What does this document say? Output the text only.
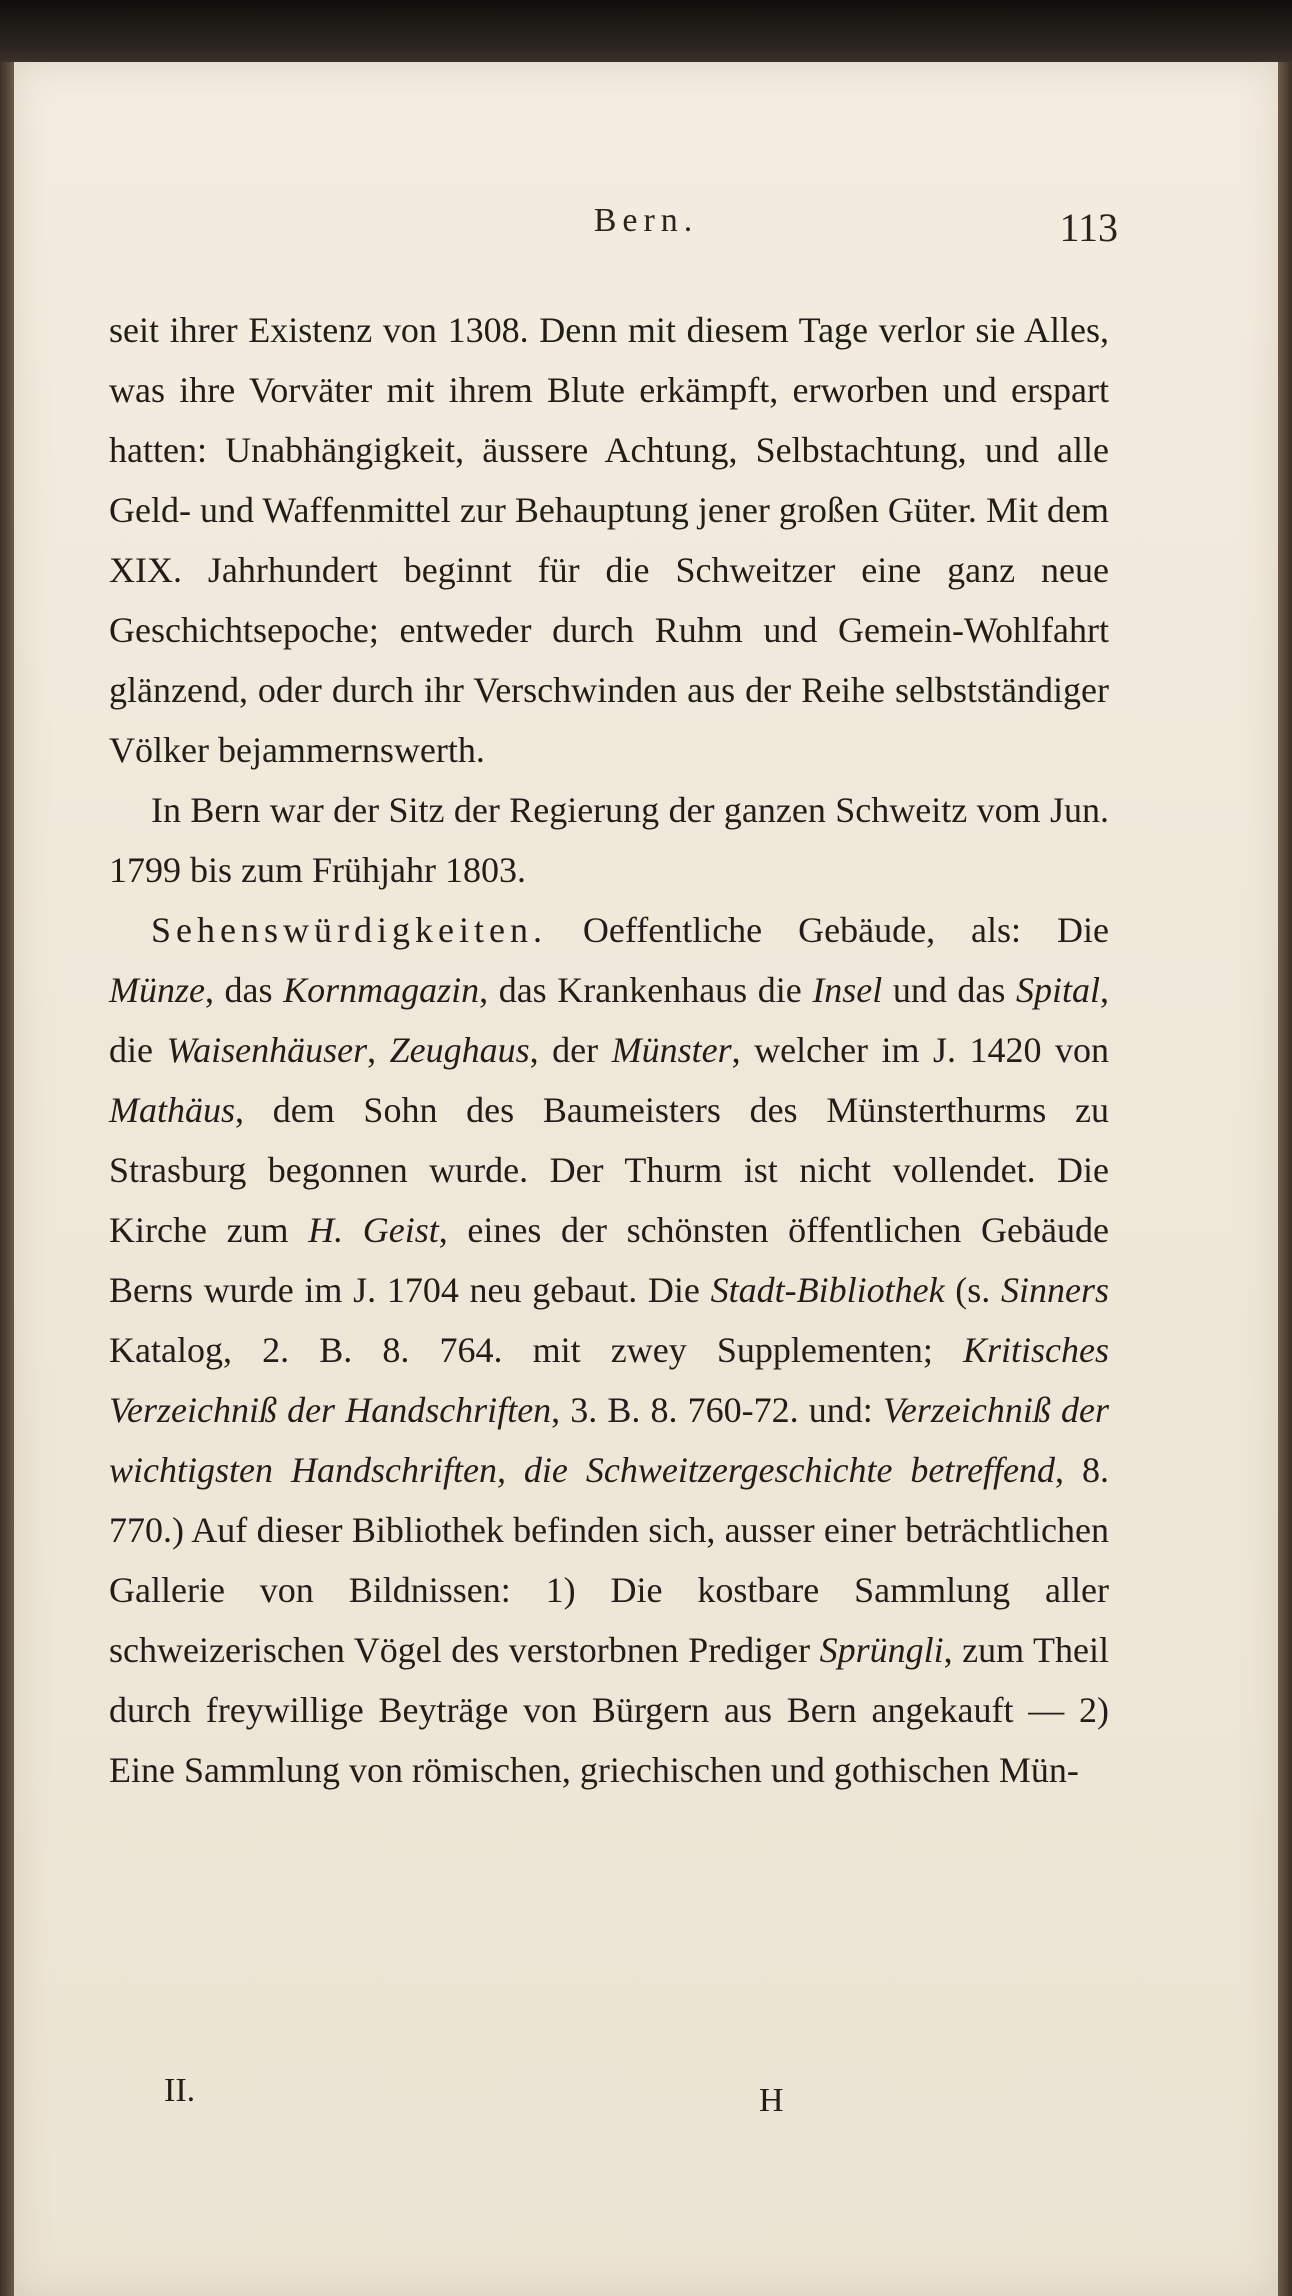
Bern.	113

seit ihrer Existenz von 1308. Denn mit diesem Tage verlor sie Alles, was ihre Vorväter mit ihrem Blute erkämpft, erworben und erspart hatten: Unabhängigkeit, äussere Achtung, Selbstachtung, und alle Geld- und Waffenmittel zur Behauptung jener großen Güter. Mit dem XIX. Jahrhundert beginnt für die Schweitzer eine ganz neue Geschichtsepoche; entweder durch Ruhm und Gemein-Wohlfahrt glänzend, oder durch ihr Verschwinden aus der Reihe selbstständiger Völker bejammernswerth.

In Bern war der Sitz der Regierung der ganzen Schweitz vom Jun. 1799 bis zum Frühjahr 1803.

Sehenswürdigkeiten. Oeffentliche Gebäude, als: Die Münze, das Kornmagazin, das Krankenhaus die Insel und das Spital, die Waisenhäuser, Zeughaus, der Münster, welcher im J. 1420 von Mathäus, dem Sohn des Baumeisters des Münsterthurms zu Strasburg begonnen wurde. Der Thurm ist nicht vollendet. Die Kirche zum H. Geist, eines der schönsten öffentlichen Gebäude Berns wurde im J. 1704 neu gebaut. Die Stadt-Bibliothek (s. Sinners Katalog, 2. B. 8. 764. mit zwey Supplementen; Kritisches Verzeichniß der Handschriften, 3. B. 8. 760-72. und: Verzeichniß der wichtigsten Handschriften, die Schweitzergeschichte betreffend, 8. 770.) Auf dieser Bibliothek befinden sich, ausser einer beträchtlichen Gallerie von Bildnissen: 1) Die kostbare Sammlung aller schweizerischen Vögel des verstorbnen Prediger Sprüngli, zum Theil durch freywillige Beyträge von Bürgern aus Bern angekauft — 2) Eine Sammlung von römischen, griechischen und gothischen Mün-

II.	H
